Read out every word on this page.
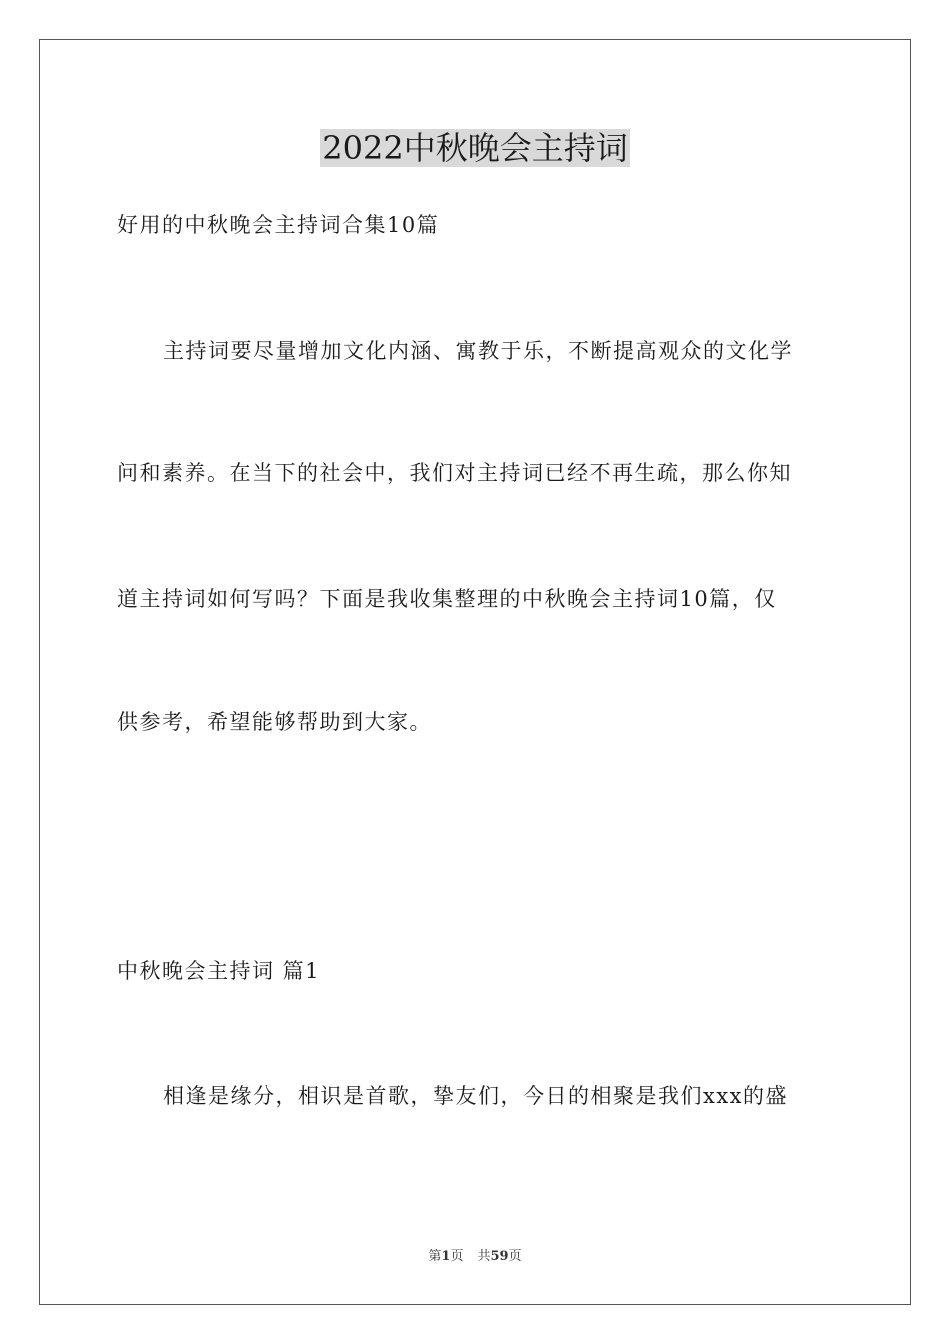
2022中秋晚会主持词

好用的中秋晚会主持词合集10篇

主持词要尽量增加文化内涵、寓教于乐，不断提高观众的文化学

问和素养。在当下的社会中，我们对主持词已经不再生疏，那么你知

道主持词如何写吗？下面是我收集整理的中秋晚会主持词10篇，仅

供参考，希望能够帮助到大家。

中秋晚会主持词 篇1

相逢是缘分，相识是首歌，挚友们，今日的相聚是我们xxx的盛

第1页 共59页
